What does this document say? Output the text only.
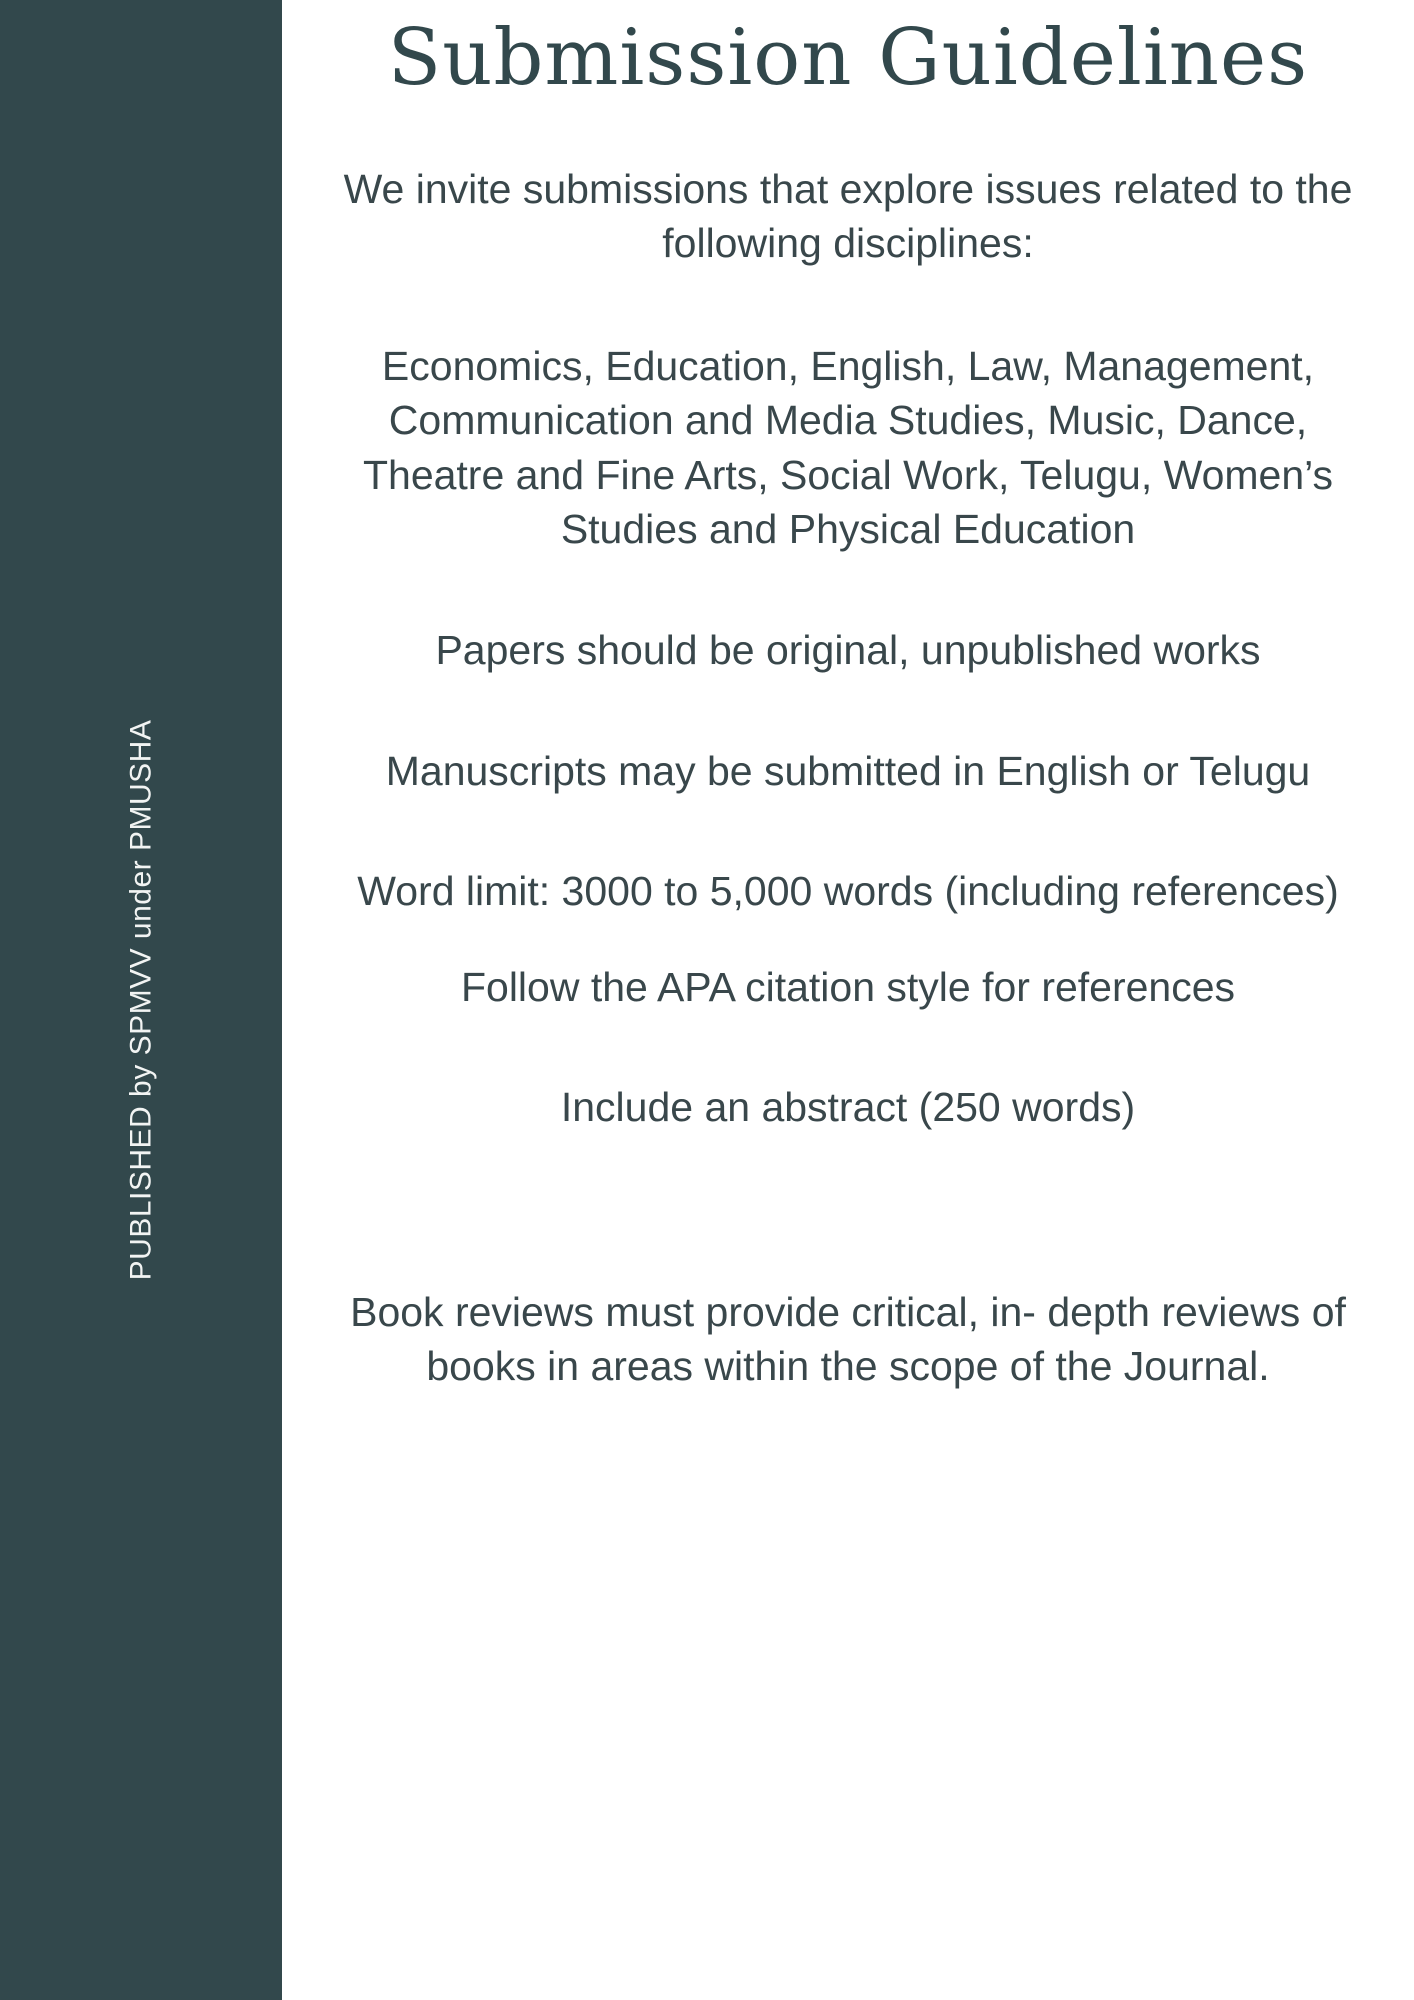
PUBLISHED by SPMVV under PMUSHA
Submission Guidelines

We invite submissions that explore issues related to the following disciplines:

Economics, Education, English, Law, Management, Communication and Media Studies, Music, Dance, Theatre and Fine Arts, Social Work, Telugu, Women’s Studies and Physical Education

Papers should be original, unpublished works

Manuscripts may be submitted in English or Telugu

Word limit: 3000 to 5,000 words (including references)

Follow the APA citation style for references

Include an abstract (250 words)

Book reviews must provide critical, in- depth reviews of books in areas within the scope of the Journal.
